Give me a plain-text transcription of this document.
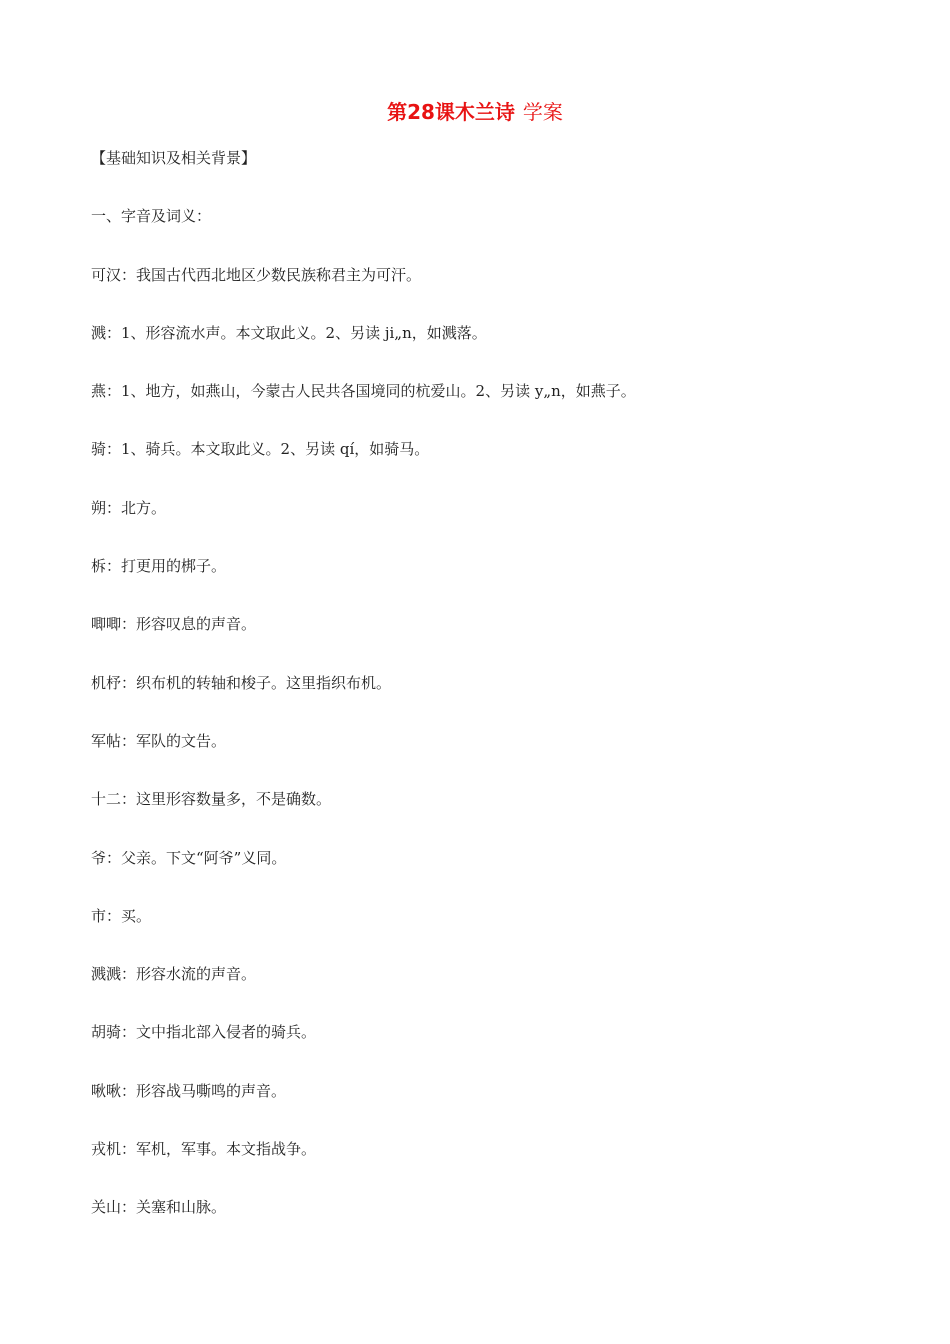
第28课木兰诗 学案
【基础知识及相关背景】
一、字音及词义：
可汉：我国古代西北地区少数民族称君主为可汗。
溅：1、形容流水声。本文取此义。2、另读 ji„n，如溅落。
燕：1、地方，如燕山，今蒙古人民共各国境同的杭爱山。2、另读 y„n，如燕子。
骑：1、骑兵。本文取此义。2、另读 qí，如骑马。
朔：北方。
柝：打更用的梆子。
唧唧：形容叹息的声音。
机杼：织布机的转轴和梭子。这里指织布机。
军帖：军队的文告。
十二：这里形容数量多，不是确数。
爷：父亲。下文“阿爷”义同。
市：买。
溅溅：形容水流的声音。
胡骑：文中指北部入侵者的骑兵。
啾啾：形容战马嘶鸣的声音。
戎机：军机，军事。本文指战争。
关山：关塞和山脉。
